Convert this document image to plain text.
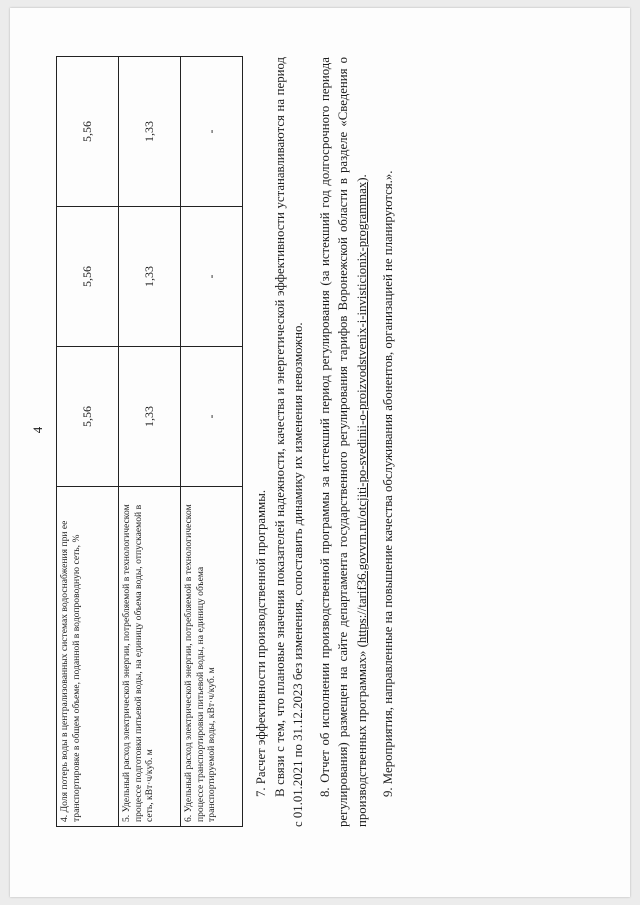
4
4. Доля потерь воды в централизованных системах водоснабжения при ее транспортировке в общем объеме, поданной в водопроводную сеть, %	5,56	5,56	5,56
5. Удельный расход электрической энергии, потребляемой в технологическом процессе подготовки питьевой воды, на единицу объема воды, отпускаемой в сеть, кВт·ч/куб. м	1,33	1,33	1,33
6. Удельный расход электрической энергии, потребляемой в технологическом процессе транспортировки питьевой воды, на единицу объема транспортируемой воды, кВт·ч/куб. м	-	-	-

7. Расчет эффективности производственной программы. В связи с тем, что плановые значения показателей надежности, качества и энергетической эффективности устанавливаются на период с 01.01.2021 по 31.12.2023 без изменения, сопоставить динамику их изменения невозможно. 8. Отчет об исполнении производственной программы за истекший период регулирования (за истекший год долгосрочного периода регулирования) размещен на сайте департамента государственного регулирования тарифов Воронежской области в разделе «Сведения о производственных программах» (https://tarif36.govvrn.ru/otcjiti-po-svedinii-o-proizvodstvenix-i-invisticionix-programmax). 9. Мероприятия, направленные на повышение качества обслуживания абонентов, организацией не планируются.».
